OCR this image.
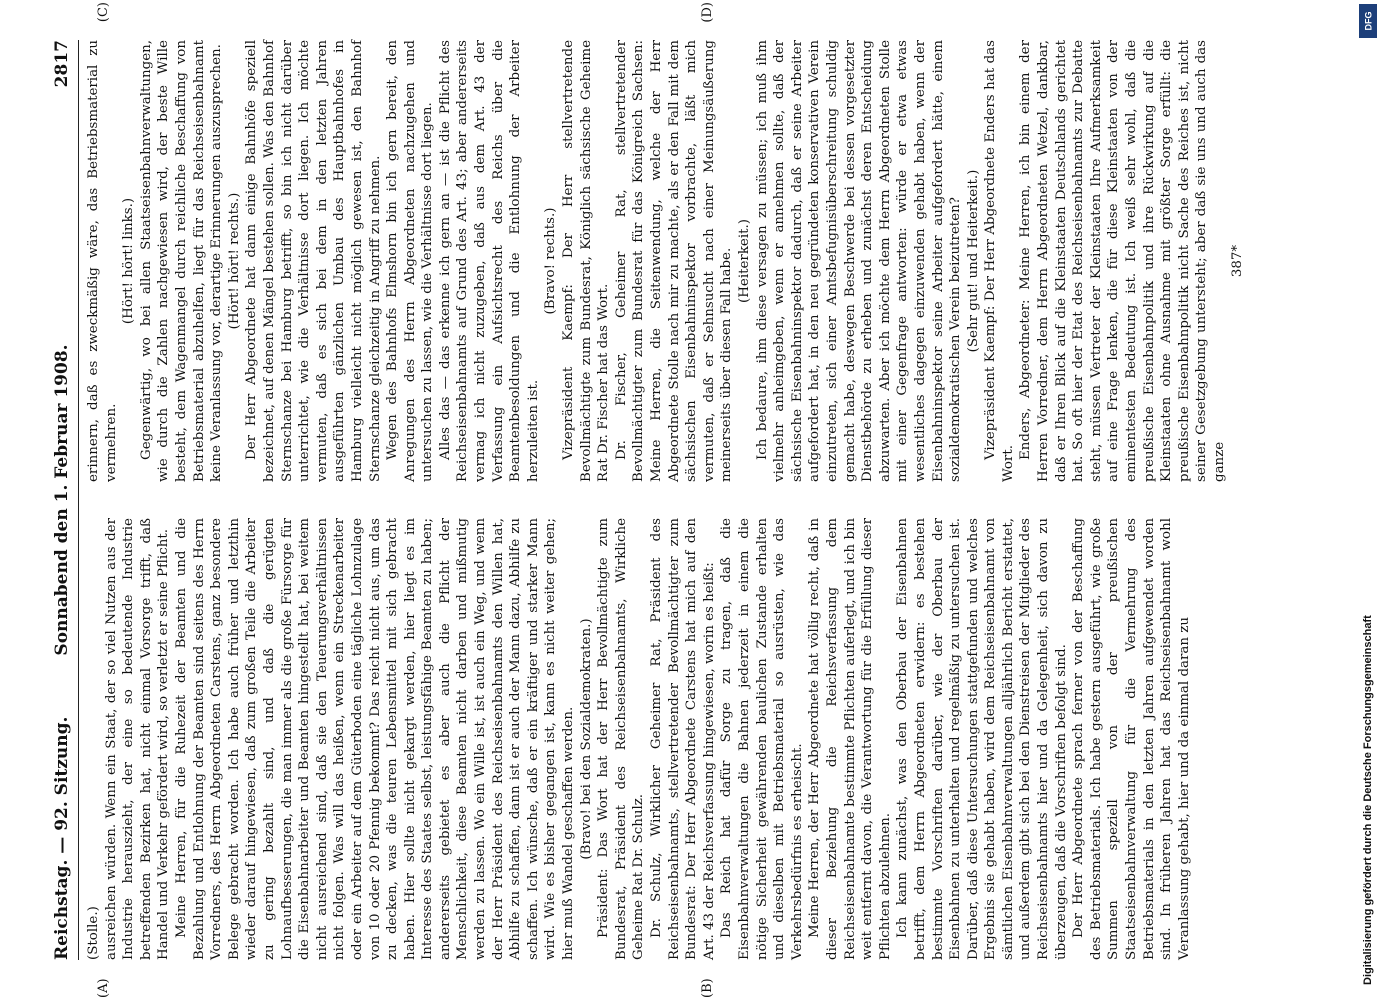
Reichstag. — 92. Sitzung.
Sonnabend den 1. Februar 1908.
2817
(A)	(B)
(C)	(D)

(Stolle.) ausreichen würden. Wenn ein Staat, der so viel Nutzen aus der Industrie herauszieht, der eine so bedeutende Industrie betreffenden Bezirken hat, nicht einmal Vorsorge trifft, daß Handel und Verkehr gefördert wird, so verletzt er seine Pflicht. Meine Herren, für die Ruhezeit der Beamten und die Bezahlung und Entlohnung der Beamten sind seitens des Herrn Vorredners, des Herrn Abgeordneten Carstens, ganz besondere Belege gebracht worden. Ich habe auch früher und letzthin wieder darauf hingewiesen, daß zum großen Teile die Arbeiter zu gering bezahlt sind, und daß die gerügten Lohnaufbesserungen, die man immer als die große Fürsorge für die Eisenbahnarbeiter und Beamten hingestellt hat, bei weitem nicht ausreichend sind, daß sie den Teuerungsverhältnissen nicht folgen. Was will das heißen, wenn ein Streckenarbeiter oder ein Arbeiter auf dem Güterboden eine tägliche Lohnzulage von 10 oder 20 Pfennig bekommt? Das reicht nicht aus, um das zu decken, was die teuren Lebensmittel mit sich gebracht haben. Hier sollte nicht gekargt werden, hier liegt es im Interesse des Staates selbst, leistungsfähige Beamten zu haben; andererseits gebietet es aber auch die Pflicht der Menschlichkeit, diese Beamten nicht darben und mißmutig werden zu lassen. Wo ein Wille ist, ist auch ein Weg, und wenn der Herr Präsident des Reichseisenbahnamts den Willen hat, Abhilfe zu schaffen, dann ist er auch der Mann dazu, Abhilfe zu schaffen. Ich wünsche, daß er ein kräftiger und starker Mann wird. Wie es bisher gegangen ist, kann es nicht weiter gehen; hier muß Wandel geschaffen werden. (Bravo! bei den Sozialdemokraten.) Präsident: Das Wort hat der Herr Bevollmächtigte zum Bundesrat, Präsident des Reichseisenbahnamts, Wirkliche Geheime Rat Dr. Schulz. Dr. Schulz, Wirklicher Geheimer Rat, Präsident des Reichseisenbahnamts, stellvertretender Bevollmächtigter zum Bundesrat: Der Herr Abgeordnete Carstens hat mich auf den Art. 43 der Reichsverfassung hingewiesen, worin es heißt: Das Reich hat dafür Sorge zu tragen, daß die Eisenbahnverwaltungen die Bahnen jederzeit in einem die nötige Sicherheit gewährenden baulichen Zustande erhalten und dieselben mit Betriebsmaterial so ausrüsten, wie das Verkehrsbedürfnis es erheischt. Meine Herren, der Herr Abgeordnete hat völlig recht, daß in dieser Beziehung die Reichsverfassung dem Reichseisenbahnamte bestimmte Pflichten auferlegt, und ich bin weit entfernt davon, die Verantwortung für die Erfüllung dieser Pflichten abzulehnen. Ich kann zunächst, was den Oberbau der Eisenbahnen betrifft, dem Herrn Abgeordneten erwidern: es bestehen bestimmte Vorschriften darüber, wie der Oberbau der Eisenbahnen zu unterhalten und regelmäßig zu untersuchen ist. Darüber, daß diese Untersuchungen stattgefunden und welches Ergebnis sie gehabt haben, wird dem Reichseisenbahnamt von sämtlichen Eisenbahnverwaltungen alljährlich Bericht erstattet, und außerdem gibt sich bei den Dienstreisen der Mitglieder des Reichseisenbahnamts hier und da Gelegenheit, sich davon zu überzeugen, daß die Vorschriften befolgt sind. Der Herr Abgeordnete sprach ferner von der Beschaffung des Betriebsmaterials. Ich habe gestern ausgeführt, wie große Summen speziell von der preußischen Staatseisenbahnverwaltung für die Vermehrung des Betriebsmaterials in den letzten Jahren aufgewendet worden sind. In früheren Jahren hat das Reichseisenbahnamt wohl Veranlassung gehabt, hier und da einmal daran zu

erinnern, daß es zweckmäßig wäre, das Betriebsmaterial zu vermehren.

(Hört! hört! links.) Gegenwärtig, wo bei allen Staatseisenbahnverwaltungen, wie durch die Zahlen nachgewiesen wird, der beste Wille besteht, dem Wagenmangel durch reichliche Beschaffung von Betriebsmaterial abzuhelfen, liegt für das Reichseisenbahnamt keine Veranlassung vor, derartige Erinnerungen auszusprechen. (Hört! hört! rechts.) Der Herr Abgeordnete hat dann einige Bahnhöfe speziell bezeichnet, auf denen Mängel bestehen sollen. Was den Bahnhof Sternschanze bei Hamburg betrifft, so bin ich nicht darüber unterrichtet, wie die Verhältnisse dort liegen. Ich möchte vermuten, daß es sich bei dem in den letzten Jahren ausgeführten gänzlichen Umbau des Hauptbahnhofes in Hamburg vielleicht nicht möglich gewesen ist, den Bahnhof Sternschanze gleichzeitig in Angriff zu nehmen. Wegen des Bahnhofs Elmshorn bin ich gern bereit, den Anregungen des Herrn Abgeordneten nachzugehen und untersuchen zu lassen, wie die Verhältnisse dort liegen. Alles das — das erkenne ich gern an — ist die Pflicht des Reichseisenbahnamts auf Grund des Art. 43; aber andererseits vermag ich nicht zuzugeben, daß aus dem Art. 43 der Verfassung ein Aufsichtsrecht des Reichs über die Beamtenbesoldungen und die Entlohnung der Arbeiter herzuleiten ist.

(Bravo! rechts.) Vizepräsident Kaempf: Der Herr stellvertretende Bevollmächtigte zum Bundesrat, Königlich sächsische Geheime Rat Dr. Fischer hat das Wort. Dr. Fischer, Geheimer Rat, stellvertretender Bevollmächtigter zum Bundesrat für das Königreich Sachsen: Meine Herren, die Seitenwendung, welche der Herr Abgeordnete Stolle nach mir zu machte, als er den Fall mit dem sächsischen Eisenbahninspektor vorbrachte, läßt mich vermuten, daß er Sehnsucht nach einer Meinungsäußerung meinerseits über diesen Fall habe. (Heiterkeit.) Ich bedaure, ihm diese versagen zu müssen; ich muß ihm vielmehr anheimgeben, wenn er annehmen sollte, daß der sächsische Eisenbahninspektor dadurch, daß er seine Arbeiter aufgefordert hat, in den neu gegründeten konservativen Verein einzutreten, sich einer Amtsbefugnisüberschreitung schuldig gemacht habe, deswegen Beschwerde bei dessen vorgesetzter Dienstbehörde zu erheben und zunächst deren Entscheidung abzuwarten. Aber ich möchte dem Herrn Abgeordneten Stolle mit einer Gegenfrage antworten: würde er etwa etwas wesentliches dagegen einzuwenden gehabt haben, wenn der Eisenbahninspektor seine Arbeiter aufgefordert hätte, einem sozialdemokratischen Verein beizutreten? (Sehr gut! und Heiterkeit.) Vizepräsident Kaempf: Der Herr Abgeordnete Enders hat das Wort.

Enders, Abgeordneter: Meine Herren, ich bin einem der Herren Vorredner, dem Herrn Abgeordneten Wetzel, dankbar, daß er Ihren Blick auf die Kleinstaaten Deutschlands gerichtet hat. So oft hier der Etat des Reichseisenbahnamts zur Debatte steht, müssen Vertreter der Kleinstaaten Ihre Aufmerksamkeit auf eine Frage lenken, die für diese Kleinstaaten von der eminentesten Bedeutung ist. Ich weiß sehr wohl, daß die preußische Eisenbahnpolitik und ihre Rückwirkung auf die Kleinstaaten ohne Ausnahme mit größter Sorge erfüllt: die preußische Eisenbahnpolitik nicht Sache des Reiches ist, nicht seiner Gesetzgebung untersteht; aber daß sie uns und auch das ganze

387*

DFG
Digitalisierung gefördert durch die Deutsche Forschungsgemeinschaft
